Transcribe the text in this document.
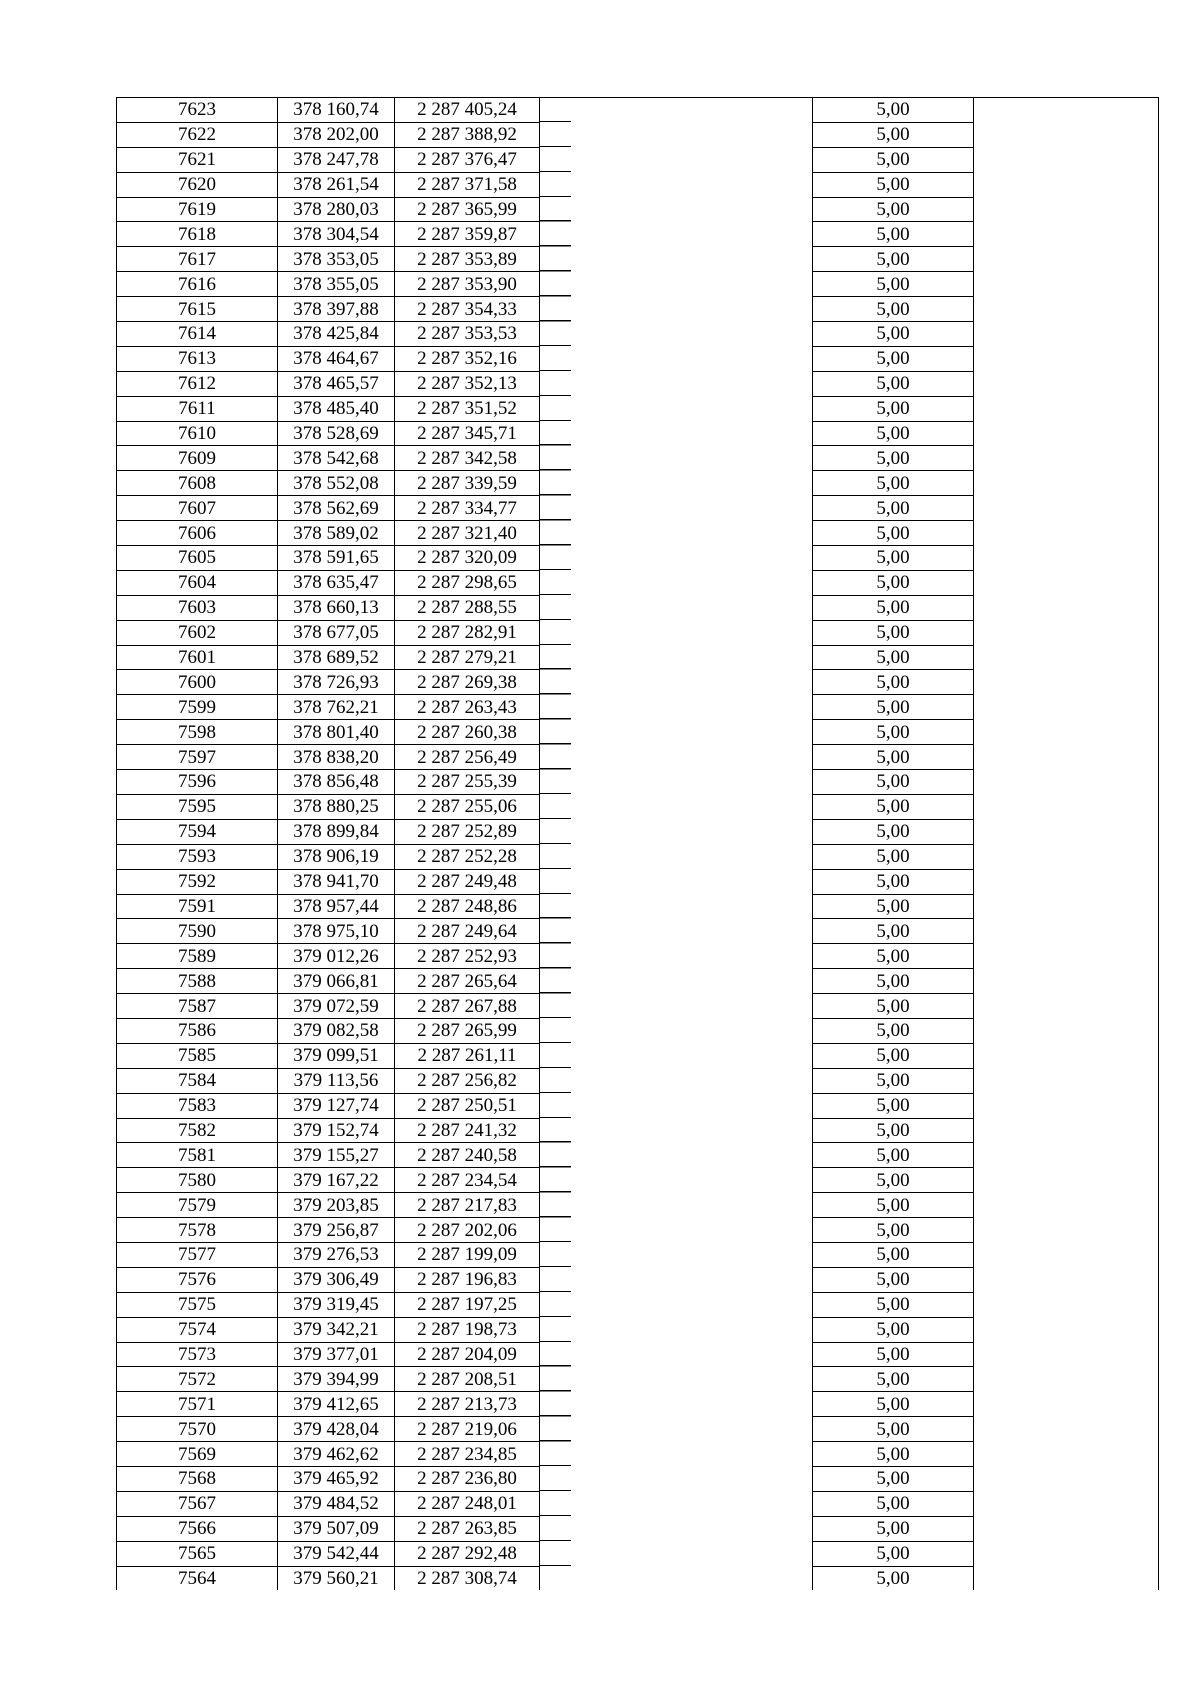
7623	378 160,74	2 287 405,24		5,00	
7622	378 202,00	2 287 388,92		5,00	
7621	378 247,78	2 287 376,47		5,00	
7620	378 261,54	2 287 371,58		5,00	
7619	378 280,03	2 287 365,99		5,00	
7618	378 304,54	2 287 359,87		5,00	
7617	378 353,05	2 287 353,89		5,00	
7616	378 355,05	2 287 353,90		5,00	
7615	378 397,88	2 287 354,33		5,00	
7614	378 425,84	2 287 353,53		5,00	
7613	378 464,67	2 287 352,16		5,00	
7612	378 465,57	2 287 352,13		5,00	
7611	378 485,40	2 287 351,52		5,00	
7610	378 528,69	2 287 345,71		5,00	
7609	378 542,68	2 287 342,58		5,00	
7608	378 552,08	2 287 339,59		5,00	
7607	378 562,69	2 287 334,77		5,00	
7606	378 589,02	2 287 321,40		5,00	
7605	378 591,65	2 287 320,09		5,00	
7604	378 635,47	2 287 298,65		5,00	
7603	378 660,13	2 287 288,55		5,00	
7602	378 677,05	2 287 282,91		5,00	
7601	378 689,52	2 287 279,21		5,00	
7600	378 726,93	2 287 269,38		5,00	
7599	378 762,21	2 287 263,43		5,00	
7598	378 801,40	2 287 260,38		5,00	
7597	378 838,20	2 287 256,49		5,00	
7596	378 856,48	2 287 255,39		5,00	
7595	378 880,25	2 287 255,06		5,00	
7594	378 899,84	2 287 252,89		5,00	
7593	378 906,19	2 287 252,28		5,00	
7592	378 941,70	2 287 249,48		5,00	
7591	378 957,44	2 287 248,86		5,00	
7590	378 975,10	2 287 249,64		5,00	
7589	379 012,26	2 287 252,93		5,00	
7588	379 066,81	2 287 265,64		5,00	
7587	379 072,59	2 287 267,88		5,00	
7586	379 082,58	2 287 265,99		5,00	
7585	379 099,51	2 287 261,11		5,00	
7584	379 113,56	2 287 256,82		5,00	
7583	379 127,74	2 287 250,51		5,00	
7582	379 152,74	2 287 241,32		5,00	
7581	379 155,27	2 287 240,58		5,00	
7580	379 167,22	2 287 234,54		5,00	
7579	379 203,85	2 287 217,83		5,00	
7578	379 256,87	2 287 202,06		5,00	
7577	379 276,53	2 287 199,09		5,00	
7576	379 306,49	2 287 196,83		5,00	
7575	379 319,45	2 287 197,25		5,00	
7574	379 342,21	2 287 198,73		5,00	
7573	379 377,01	2 287 204,09		5,00	
7572	379 394,99	2 287 208,51		5,00	
7571	379 412,65	2 287 213,73		5,00	
7570	379 428,04	2 287 219,06		5,00	
7569	379 462,62	2 287 234,85		5,00	
7568	379 465,92	2 287 236,80		5,00	
7567	379 484,52	2 287 248,01		5,00	
7566	379 507,09	2 287 263,85		5,00	
7565	379 542,44	2 287 292,48		5,00	
7564	379 560,21	2 287 308,74		5,00	
